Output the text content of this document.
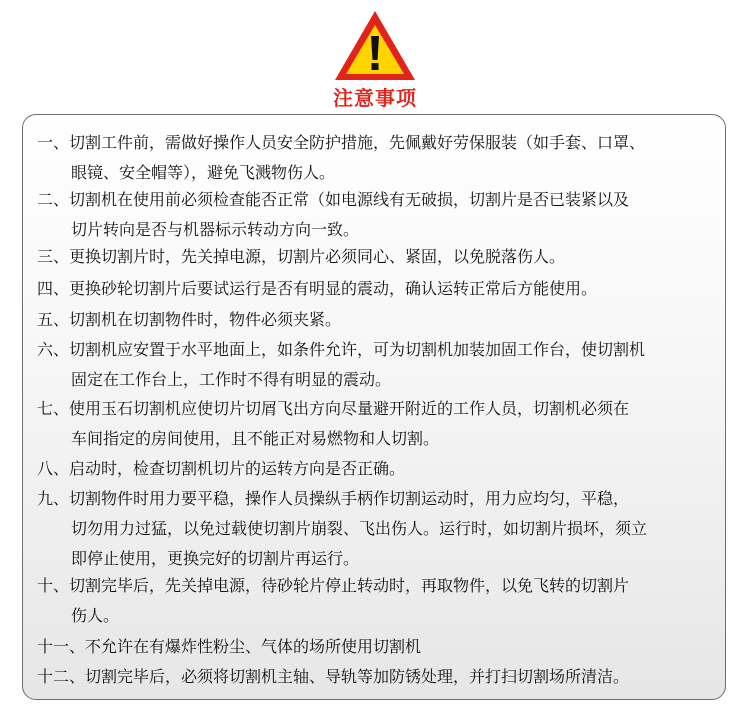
注意事项
一、切割工件前，需做好操作人员安全防护措施，先佩戴好劳保服装（如手套、口罩、
眼镜、安全帽等），避免飞溅物伤人。
二、切割机在使用前必须检查能否正常（如电源线有无破损，切割片是否已装紧以及
切片转向是否与机器标示转动方向一致。
三、更换切割片时，先关掉电源，切割片必须同心、紧固，以免脱落伤人。
四、更换砂轮切割片后要试运行是否有明显的震动，确认运转正常后方能使用。
五、切割机在切割物件时，物件必须夹紧。
六、切割机应安置于水平地面上，如条件允许，可为切割机加装加固工作台，使切割机
固定在工作台上，工作时不得有明显的震动。
七、使用玉石切割机应使切片切屑飞出方向尽量避开附近的工作人员，切割机必须在
车间指定的房间使用，且不能正对易燃物和人切割。
八、启动时，检查切割机切片的运转方向是否正确。
九、切割物件时用力要平稳，操作人员操纵手柄作切割运动时，用力应均匀，平稳，
切勿用力过猛，以免过载使切割片崩裂、飞出伤人。运行时，如切割片损坏，须立
即停止使用，更换完好的切割片再运行。
十、切割完毕后，先关掉电源，待砂轮片停止转动时，再取物件，以免飞转的切割片
伤人。
十一、不允许在有爆炸性粉尘、气体的场所使用切割机
十二、切割完毕后，必须将切割机主轴、导轨等加防锈处理，并打扫切割场所清洁。
